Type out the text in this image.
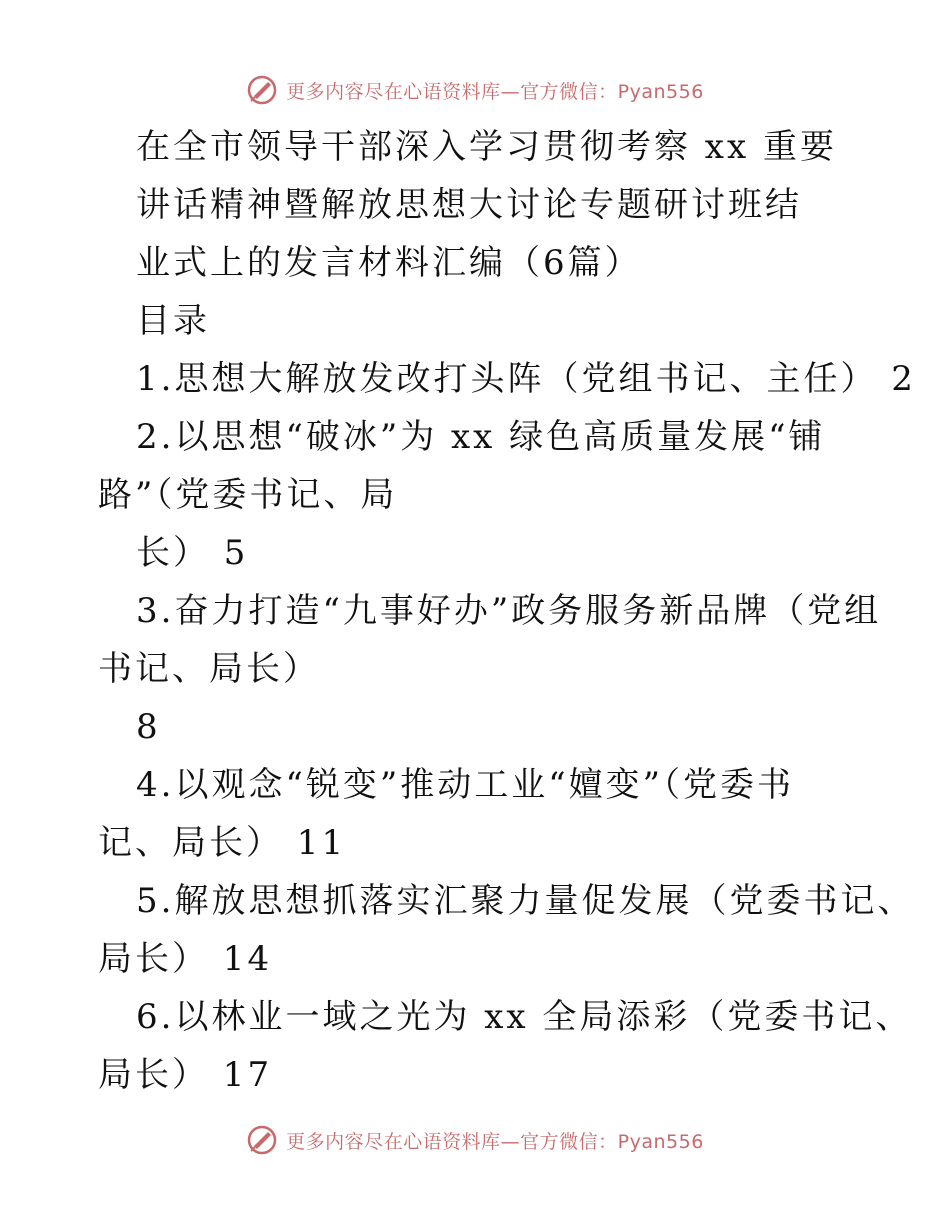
更多内容尽在心语资料库—官方微信：Pyan556

在全市领导干部深入学习贯彻考察 xx 重要

讲话精神暨解放思想大讨论专题研讨班结

业式上的发言材料汇编（6篇）

目录

1.思想大解放发改打头阵（党组书记、主任） 2

2.以思想“破冰”为 xx 绿色高质量发展“铺

路”（党委书记、局

长） 5

3.奋力打造“九事好办”政务服务新品牌（党组

书记、局长）

8

4.以观念“锐变”推动工业“嬗变”（党委书

记、局长） 11

5.解放思想抓落实汇聚力量促发展（党委书记、

局长） 14

6.以林业一域之光为 xx 全局添彩（党委书记、

局长） 17

更多内容尽在心语资料库—官方微信：Pyan556
